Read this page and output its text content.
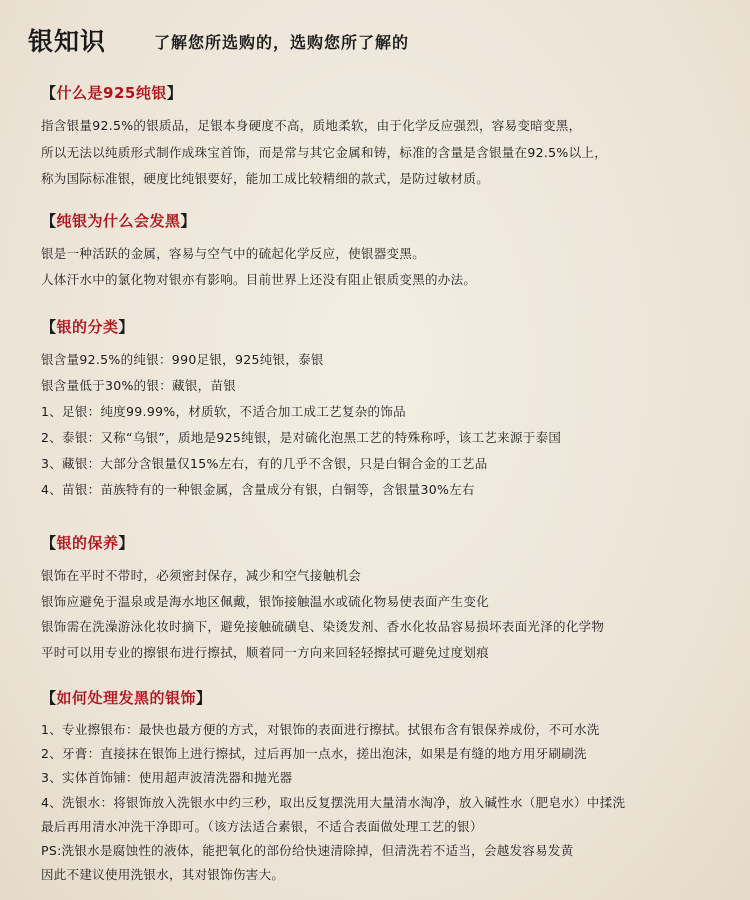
银知识	了解您所选购的，选购您所了解的
【什么是925纯银】
指含银量92.5%的银质品，足银本身硬度不高，质地柔软，由于化学反应强烈，容易变暗变黑，
所以无法以纯质形式制作成珠宝首饰，而是常与其它金属和铸，标准的含量是含银量在92.5%以上，
称为国际标准银，硬度比纯银要好，能加工成比较精细的款式，是防过敏材质。
【纯银为什么会发黑】
银是一种活跃的金属，容易与空气中的硫起化学反应，使银器变黑。
人体汗水中的氯化物对银亦有影响。目前世界上还没有阻止银质变黑的办法。
【银的分类】
银含量92.5%的纯银：990足银，925纯银，泰银
银含量低于30%的银：藏银，苗银
1、足银：纯度99.99%，材质软，不适合加工成工艺复杂的饰品
2、泰银：又称“乌银”，质地是925纯银，是对硫化泡黑工艺的特殊称呼，该工艺来源于泰国
3、藏银：大部分含银量仅15%左右，有的几乎不含银，只是白铜合金的工艺品
4、苗银：苗族特有的一种银金属，含量成分有银，白铜等，含银量30%左右
【银的保养】
银饰在平时不带时，必须密封保存，减少和空气接触机会
银饰应避免于温泉或是海水地区佩戴，银饰接触温水或硫化物易使表面产生变化
银饰需在洗澡游泳化妆时摘下，避免接触硫磺皂、染烫发剂、香水化妆品容易损坏表面光泽的化学物
平时可以用专业的擦银布进行擦拭，顺着同一方向来回轻轻擦拭可避免过度划痕
【如何处理发黑的银饰】
1、专业擦银布：最快也最方便的方式，对银饰的表面进行擦拭。拭银布含有银保养成份，不可水洗
2、牙膏：直接抹在银饰上进行擦拭，过后再加一点水，搓出泡沫，如果是有缝的地方用牙刷刷洗
3、实体首饰铺：使用超声波清洗器和抛光器
4、洗银水：将银饰放入洗银水中约三秒，取出反复摆洗用大量清水淘净，放入碱性水（肥皂水）中揉洗
最后再用清水冲洗干净即可。（该方法适合素银，不适合表面做处理工艺的银）
PS:洗银水是腐蚀性的液体，能把氧化的部份给快速清除掉，但清洗若不适当，会越发容易发黄
因此不建议使用洗银水，其对银饰伤害大。
